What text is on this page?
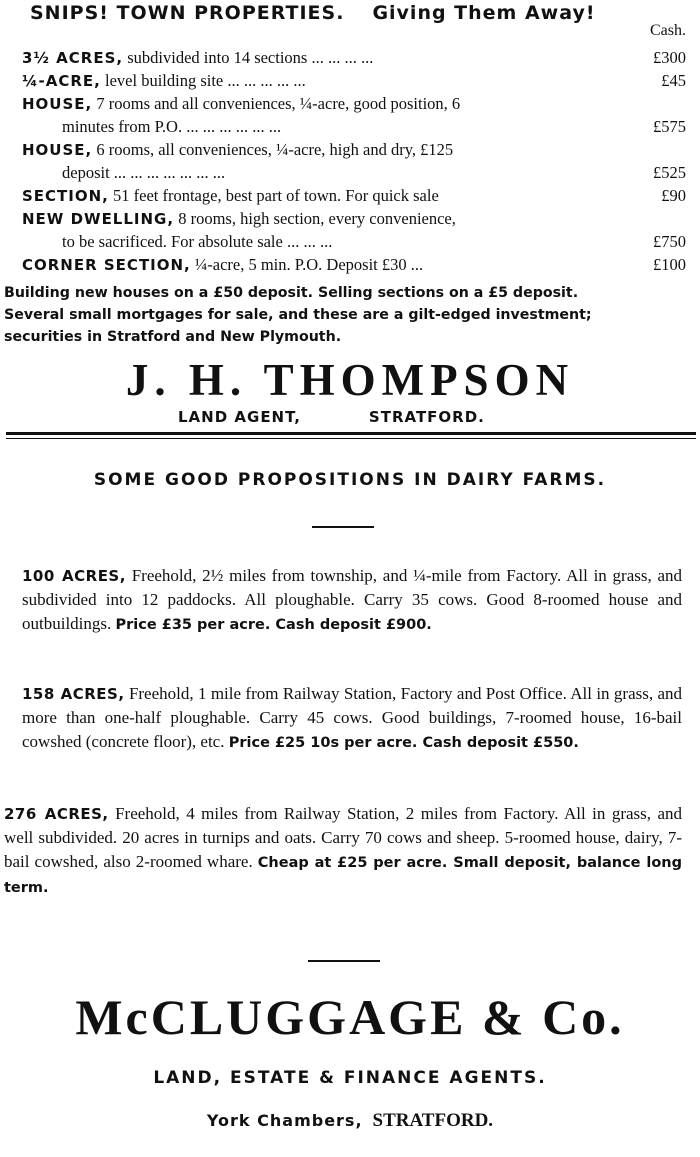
SNIPS! TOWN PROPERTIES. Giving Them Away!
Cash.
3½ ACRES, subdivided into 14 sections ... ... ... ...	£300
¼-ACRE, level building site ... ... ... ... ...	£45
HOUSE, 7 rooms and all conveniences, ¼-acre, good position, 6
minutes from P.O. ... ... ... ... ... ...	£575
HOUSE, 6 rooms, all conveniences, ¼-acre, high and dry, £125
deposit ... ... ... ... ... ... ...	£525
SECTION, 51 feet frontage, best part of town. For quick sale	£90
NEW DWELLING, 8 rooms, high section, every convenience,
to be sacrificed. For absolute sale ... ... ...	£750
CORNER SECTION, ¼-acre, 5 min. P.O. Deposit £30 ...	£100
Building new houses on a £50 deposit. Selling sections on a £5 deposit.
Several small mortgages for sale, and these are a gilt-edged investment;
securities in Stratford and New Plymouth.
J. H. THOMPSON
LAND AGENT,	STRATFORD.
SOME GOOD PROPOSITIONS IN DAIRY FARMS.
100 ACRES, Freehold, 2½ miles from township, and ¼-mile from Factory. All in grass, and subdivided into 12 paddocks. All ploughable. Carry 35 cows. Good 8-roomed house and outbuildings. Price £35 per acre. Cash deposit £900.
158 ACRES, Freehold, 1 mile from Railway Station, Factory and Post Office. All in grass, and more than one-half ploughable. Carry 45 cows. Good buildings, 7-roomed house, 16-bail cowshed (concrete floor), etc. Price £25 10s per acre. Cash deposit £550.
276 ACRES, Freehold, 4 miles from Railway Station, 2 miles from Factory. All in grass, and well subdivided. 20 acres in turnips and oats. Carry 70 cows and sheep. 5-roomed house, dairy, 7-bail cowshed, also 2-roomed whare. Cheap at £25 per acre. Small deposit, balance long term.
McCLUGGAGE & Co.
LAND, ESTATE & FINANCE AGENTS.
York Chambers, STRATFORD.
